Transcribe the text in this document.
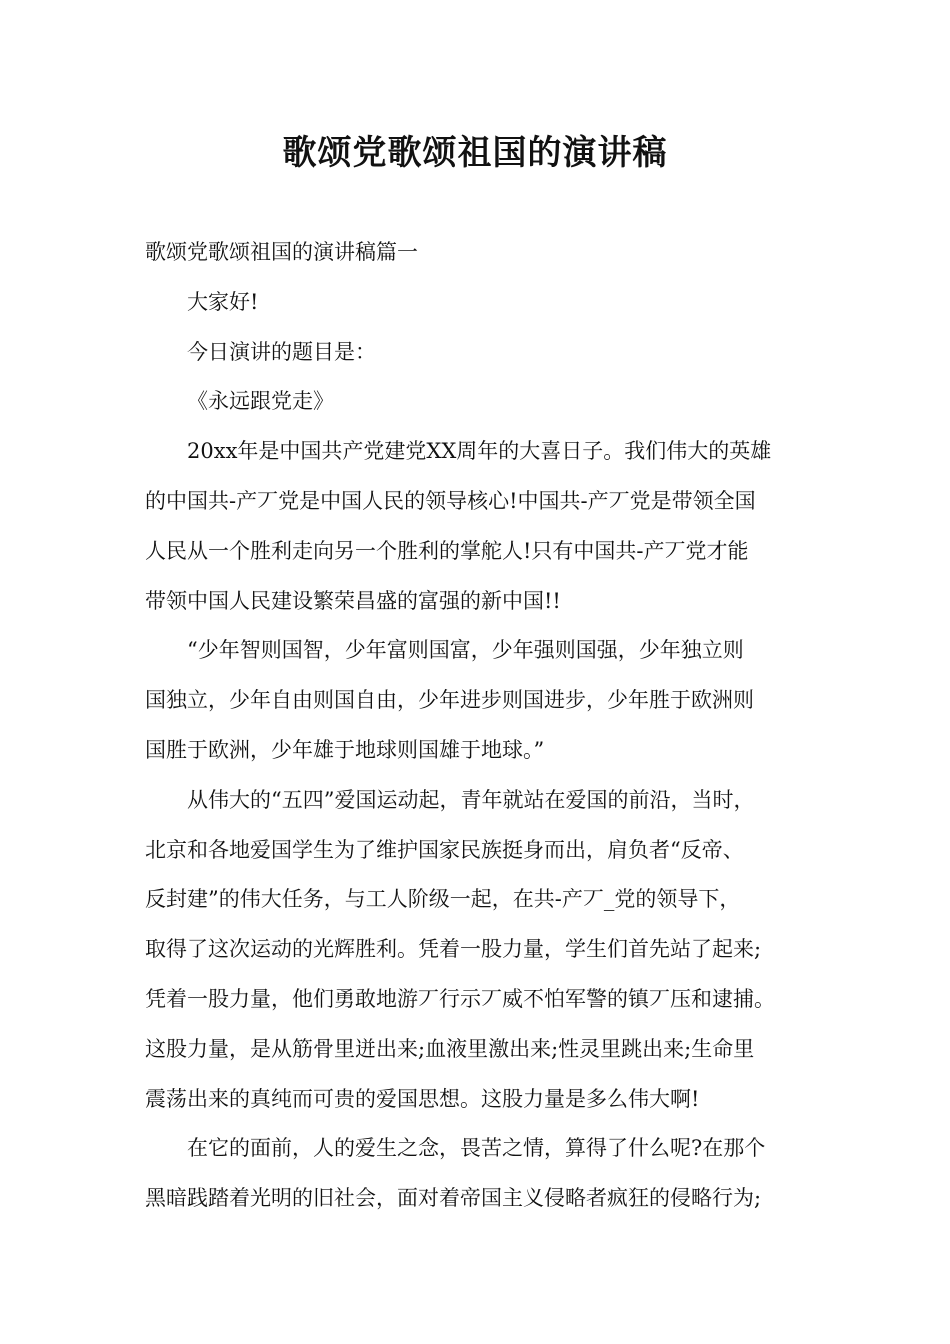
歌颂党歌颂祖国的演讲稿

歌颂党歌颂祖国的演讲稿篇一

大家好!

今日演讲的题目是：

《永远跟党走》

20xx年是中国共产党建党XX周年的大喜日子。我们伟大的英雄
的中国共-产丆党是中国人民的领导核心!中国共-产丆党是带领全国
人民从一个胜利走向另一个胜利的掌舵人!只有中国共-产丆党才能
带领中国人民建设繁荣昌盛的富强的新中国!!

“少年智则国智，少年富则国富，少年强则国强，少年独立则
国独立，少年自由则国自由，少年进步则国进步，少年胜于欧洲则
国胜于欧洲，少年雄于地球则国雄于地球。”

从伟大的“五四”爱国运动起，青年就站在爱国的前沿，当时，
北京和各地爱国学生为了维护国家民族挺身而出，肩负者“反帝、
反封建”的伟大任务，与工人阶级一起，在共-产丆_党的领导下，
取得了这次运动的光辉胜利。凭着一股力量，学生们首先站了起来;
凭着一股力量，他们勇敢地游丆行示丆威不怕军警的镇丆压和逮捕。
这股力量，是从筋骨里迸出来;血液里激出来;性灵里跳出来;生命里
震荡出来的真纯而可贵的爱国思想。这股力量是多么伟大啊!

在它的面前，人的爱生之念，畏苦之情，算得了什么呢?在那个
黑暗践踏着光明的旧社会，面对着帝国主义侵略者疯狂的侵略行为;
